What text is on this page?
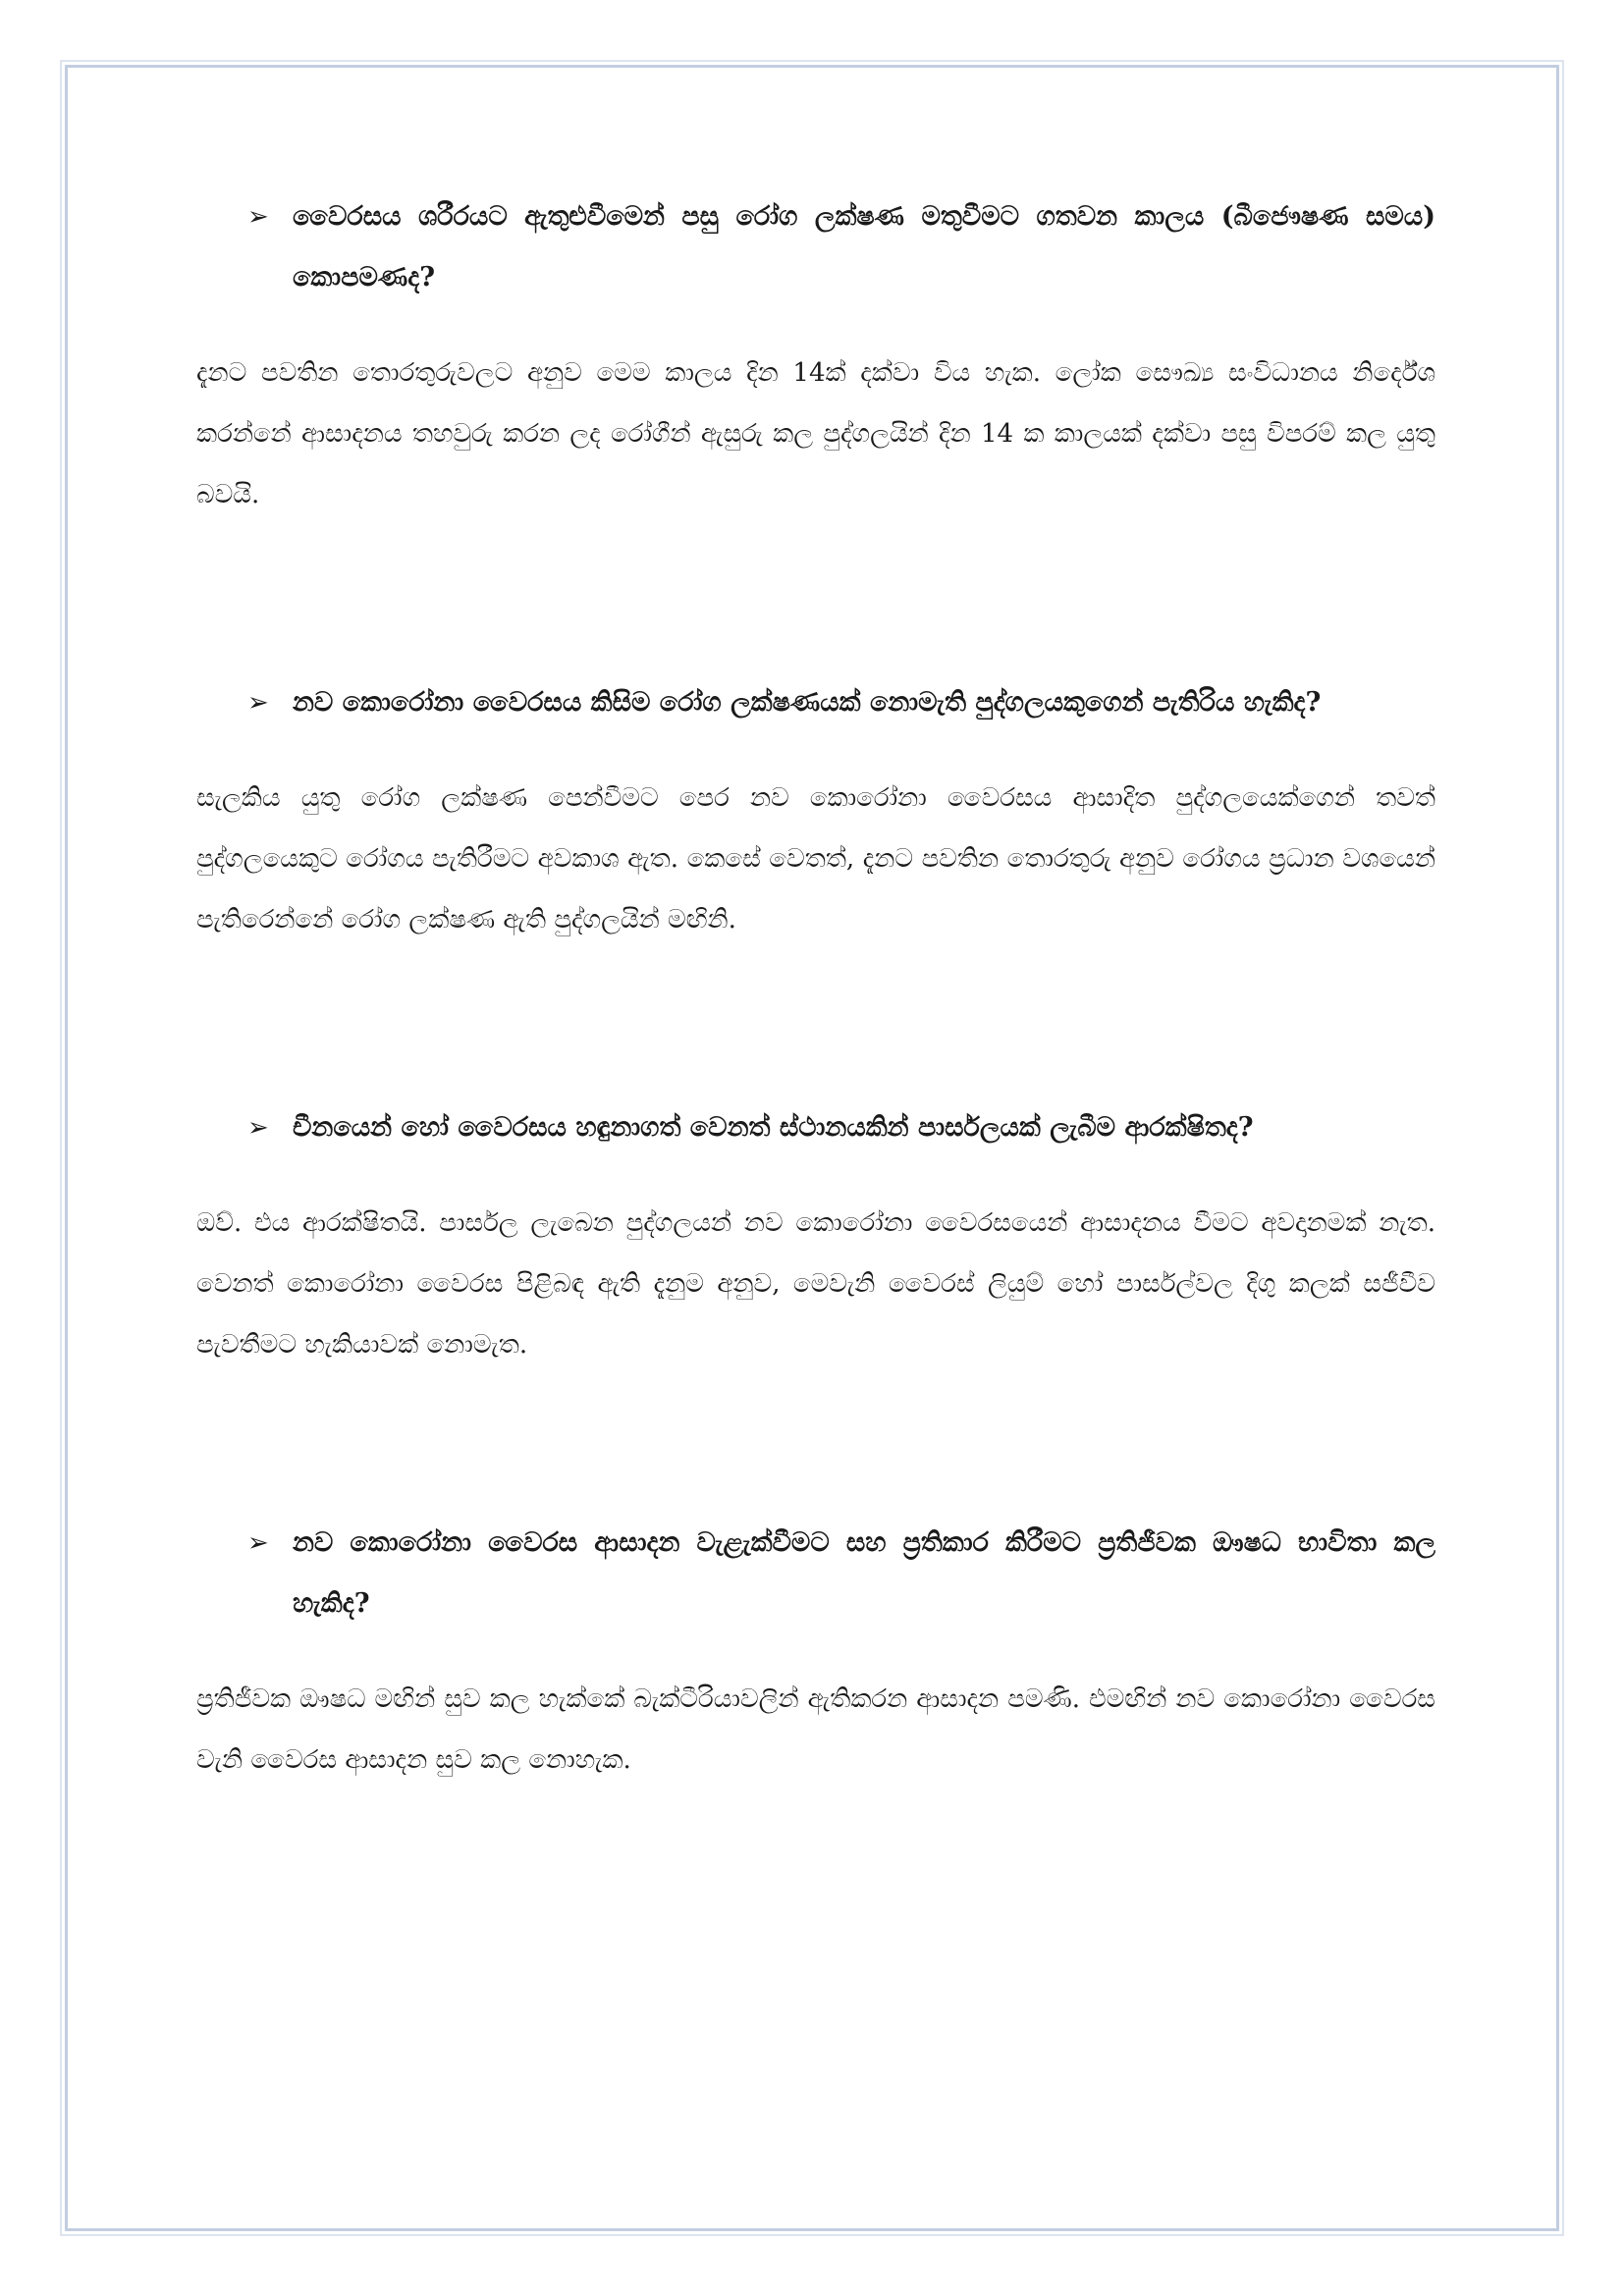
➢ වෛරසය ශරීරයට ඇතුළුවීමෙන් පසු රෝග ලක්ෂණ මතුවීමට ගතවන කාලය (බීජෞෂණ සමය) කොපමණද?

දැනට පවතින තොරතුරුවලට අනුව මෙම කාලය දින 14ක් දක්වා විය හැක. ලෝක සෞඛ්‍ය සංවිධානය නිර්දේශ කරන්නේ ආසාදනය තහවුරු කරන ලද රෝගීන් ඇසුරු කල පුද්ගලයින් දින 14 ක කාලයක් දක්වා පසු විපරම් කල යුතු බවයි.

➢ නව කොරෝනා වෛරසය කිසිම රෝග ලක්ෂණයක් නොමැති පුද්ගලයකුගෙන් පැතිරිය හැකිද?

සැලකිය යුතු රෝග ලක්ෂණ පෙන්වීමට පෙර නව කොරෝනා වෛරසය ආසාදිත පුද්ගලයෙක්ගෙන් තවත් පුද්ගලයෙකුට රෝගය පැතිරීමට අවකාශ ඇත. කෙසේ වෙතත්, දැනට පවතින තොරතුරු අනුව රෝගය ප්‍රධාන වශයෙන් පැතිරෙන්නේ රෝග ලක්ෂණ ඇති පුද්ගලයින් මඟිනි.

➢ චීනයෙන් හෝ වෛරසය හඳුනාගත් වෙනත් ස්ථානයකින් පාර්සලයක් ලැබීම ආරක්ෂිතද?

ඔව්. එය ආරක්ෂිතයි. පාර්සල ලැබෙන පුද්ගලයන් නව කොරෝනා වෛරසයෙන් ආසාදනය වීමට අවදානමක් නැත. වෙනත් කොරෝනා වෛරස පිළිබඳ ඇති දැනුම අනුව, මෙවැනි වෛරස් ලියුම් හෝ පාර්සල්වල දිගු කලක් සජීවීව පැවතීමට හැකියාවක් නොමැත.

➢ නව කොරෝනා වෛරස ආසාදන වැළැක්වීමට සහ ප්‍රතිකාර කිරීමට ප්‍රතිජීවක ඖෂධ භාවිතා කල හැකිද?

ප්‍රතිජීවක ඖෂධ මඟින් සුව කල හැක්කේ බැක්ටීරියාවලින් ඇතිකරන ආසාදන පමණි. එමඟින් නව කොරෝනා වෛරස වැනි වෛරස ආසාදන සුව කල නොහැක.
